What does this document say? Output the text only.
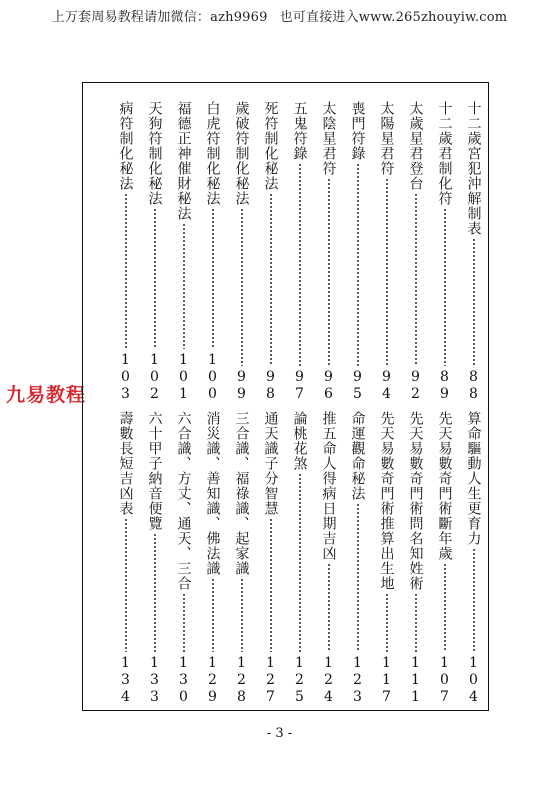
上万套周易教程请加微信：azh9969 也可直接进入www.265zhouyiw.com
九易教程
十二歲宮犯沖解制表
88
十二歲君制化符
89
太歲星君登台
92
太陽星君符
94
喪門符錄
95
太陰星君符
96
五鬼符錄
97
死符制化秘法
98
歲破符制化秘法
99
白虎符制化秘法
100
福德正神催財秘法
101
天狗符制化秘法
102
病符制化秘法
103
算命驅動人生更育力
104
先天易數奇門術斷年歲
107
先天易數奇門術問名知姓術
111
先天易數奇門術推算出生地
117
命運觀命秘法
123
推五命人得病日期吉凶
124
論桃花煞
125
通天識子分智慧
127
三合識、福祿識、起家識
128
消災識、善知識、佛法識
129
六合識、方丈、通天、三合
130
六十甲子納音便覽
133
壽數長短吉凶表
134
- 3 -
